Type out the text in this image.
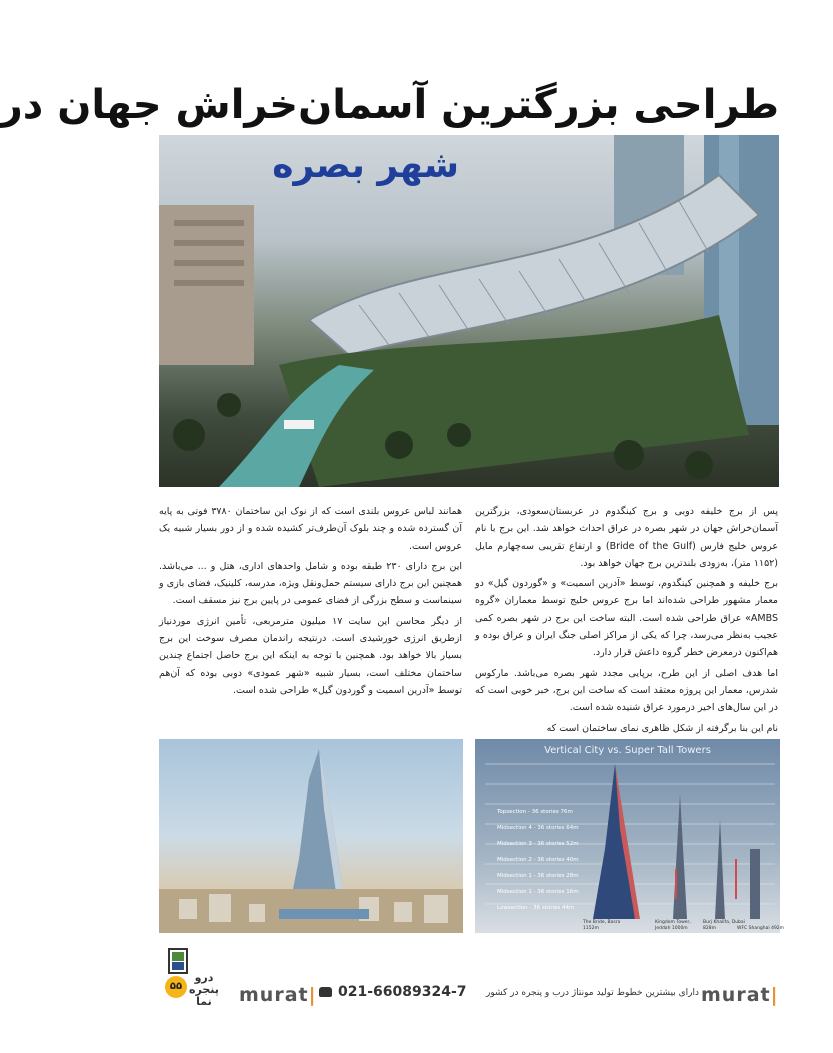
طراحی بزرگترین آسمان‌خراش جهان در
شهر بصره

پس از برج خلیفه دوبی و برج کینگدوم در عربستان‌سعودی، بزرگترین آسمان‌خراش جهان در شهر بصره در عراق احداث خواهد شد. این برج با نام عروس خلیج فارس (Bride of the Gulf) و ارتفاع تقریبی سه‌چهارم مایل (۱۱۵۲ متر)، به‌زودی بلندترین برج جهان خواهد بود.

برج خلیفه و همچنین کینگدوم، توسط «آدرین اسمیت» و «گوردون گیل» دو معمار مشهور طراحی شده‌اند اما برج عروس خلیج توسط معماران «گروه AMBS» عراق طراحی شده است. البته ساخت این برج در شهر بصره کمی عجیب به‌نظر می‌رسد، چرا که یکی از مراکز اصلی جنگ ایران و عراق بوده و هم‌اکنون درمعرض خطر گروه داعش قرار دارد.

اما هدف اصلی از این طرح، برپایی مجدد شهر بصره می‌باشد. مارکوس شدرس، معمار این پروژه معتقد است که ساخت این برج، خبر خوبی است که در این سال‌های اخیر درمورد عراق شنیده شده است.

نام این بنا برگرفته از شکل ظاهری نمای ساختمان است که

همانند لباس عروس بلندی است که از نوک این ساختمان ۳۷۸۰ فوتی به پایه آن گسترده شده و چند بلوک آن‌طرف‌تر کشیده شده و از دور بسیار شبیه یک عروس است.

این برج دارای ۲۳۰ طبقه بوده و شامل واحدهای اداری، هتل و ... می‌باشد. همچنین این برج دارای سیستم حمل‌ونقل ویژه، مدرسه، کلینیک، فضای بازی و سینماست و سطح بزرگی از فضای عمومی در پایین برج نیز مسقف است.

از دیگر محاسن این سایت ۱۷ میلیون مترمربعی، تأمین انرژی موردنیاز ازطریق انرژی خورشیدی است. درنتیجه راندمان مصرف سوخت این برج بسیار بالا خواهد بود. همچنین با توجه به اینکه این برج حاصل اجتماع چندین ساختمان مختلف است، بسیار شبیه «شهر عمودی» دوبی بوده که آن‌هم توسط «آدرین اسمیت و گوردون گیل» طراحی شده است.

Vertical City vs. Super Tall Towers
Topsection - 36 stories 76m
Midsection 4 - 36 stories 64m
Midsection 3 - 36 stories 52m
Midsection 2 - 36 stories 40m
Midsection 1 - 36 stories 28m
Midsection 1 - 36 stories 16m
Lowsection - 36 stories 44m
The Bride, Basra 1152m
Kingdom Tower, Jeddah 1000m
Burj Khalifa, Dubai 828m	WFC Shanghai 492m
murat|
دارای بیشترین خطوط تولید مونتاژ درب و پنجره در کشور
021-66089324-7
murat|
درو پنجره نما
۵۵
